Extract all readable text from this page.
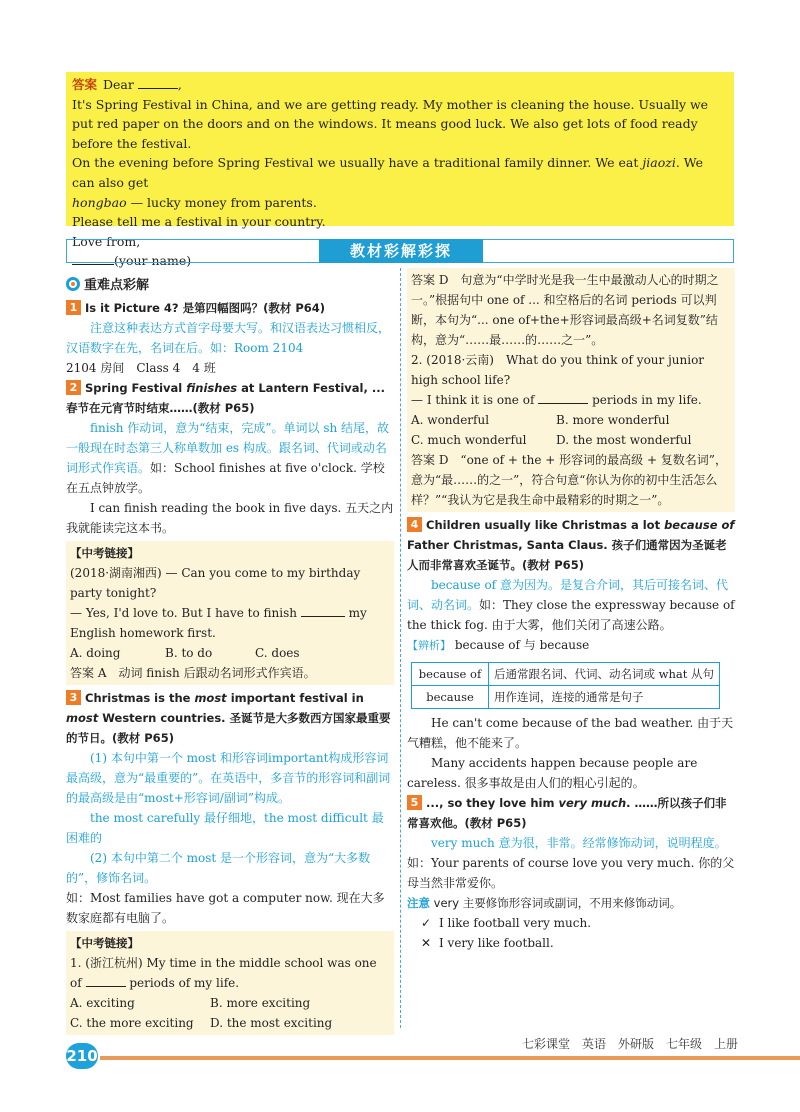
答案 Dear	,
It's Spring Festival in China, and we are getting ready. My mother is cleaning the house. Usually we put red paper on the doors and on the windows. It means good luck. We also get lots of food ready before the festival.
On the evening before Spring Festival we usually have a traditional family dinner. We eat jiaozi. We can also get
hongbao — lucky money from parents.
Please tell me a festival in your country.
Love from,
(your name)
教材彩解彩探
重难点彩解

1 Is it Picture 4? 是第四幅图吗？(教材 P64)

注意这种表达方式首字母要大写。和汉语表达习惯相反，汉语数字在先，名词在后。如：Room 2104

2104 房间　Class 4　4 班

2 Spring Festival finishes at Lantern Festival, ... 春节在元宵节时结束……(教材 P65)

finish 作动词，意为“结束，完成”。单词以 sh 结尾，故一般现在时态第三人称单数加 es 构成。跟名词、代词或动名词形式作宾语。如：School finishes at five o'clock. 学校在五点钟放学。

I can finish reading the book in five days. 五天之内我就能读完这本书。

【中考链接】

(2018·湖南湘西) — Can you come to my birthday party tonight?

— Yes, I'd love to. But I have to finish	my English homework first.

A. doing	B. to do	C. does

答案 A　动词 finish 后跟动名词形式作宾语。

3 Christmas is the most important festival in most Western countries. 圣诞节是大多数西方国家最重要的节日。(教材 P65)

(1) 本句中第一个 most 和形容词important构成形容词最高级，意为“最重要的”。在英语中，多音节的形容词和副词的最高级是由“most+形容词/副词”构成。

the most carefully 最仔细地，the most difficult 最困难的

(2) 本句中第二个 most 是一个形容词，意为“大多数的”，修饰名词。

如：Most families have got a computer now. 现在大多数家庭都有电脑了。

【中考链接】

1. (浙江杭州) My time in the middle school was one of	periods of my life.

A. exciting	B. more exciting
C. the more exciting	D. the most exciting

答案 D　句意为“中学时光是我一生中最激动人心的时期之一。”根据句中 one of ... 和空格后的名词 periods 可以判断，本句为“... one of+the+形容词最高级+名词复数”结构，意为“……最……的……之一”。

2. (2018·云南)　What do you think of your junior high school life?

— I think it is one of	periods in my life.

A. wonderful	B. more wonderful
C. much wonderful	D. the most wonderful

答案 D　“one of + the + 形容词的最高级 + 复数名词”，意为“最……的之一”，符合句意“你认为你的初中生活怎么样？”“我认为它是我生命中最精彩的时期之一”。

4 Children usually like Christmas a lot because of Father Christmas, Santa Claus. 孩子们通常因为圣诞老人而非常喜欢圣诞节。(教材 P65)

because of 意为因为。是复合介词，其后可接名词、代词、动名词。如：They close the expressway because of the thick fog. 由于大雾，他们关闭了高速公路。

【辨析】 because of 与 because

because of	后通常跟名词、代词、动名词或 what 从句
because	用作连词，连接的通常是句子

He can't come because of the bad weather. 由于天气糟糕，他不能来了。

Many accidents happen because people are careless. 很多事故是由人们的粗心引起的。

5 ..., so they love him very much. ……所以孩子们非常喜欢他。(教材 P65)

very much 意为很，非常。经常修饰动词，说明程度。如：Your parents of course love you very much. 你的父母当然非常爱你。

注意 very 主要修饰形容词或副词，不用来修饰动词。

✓ I like football very much.

✕ I very like football.

210
七彩课堂　英语　外研版　七年级　上册
